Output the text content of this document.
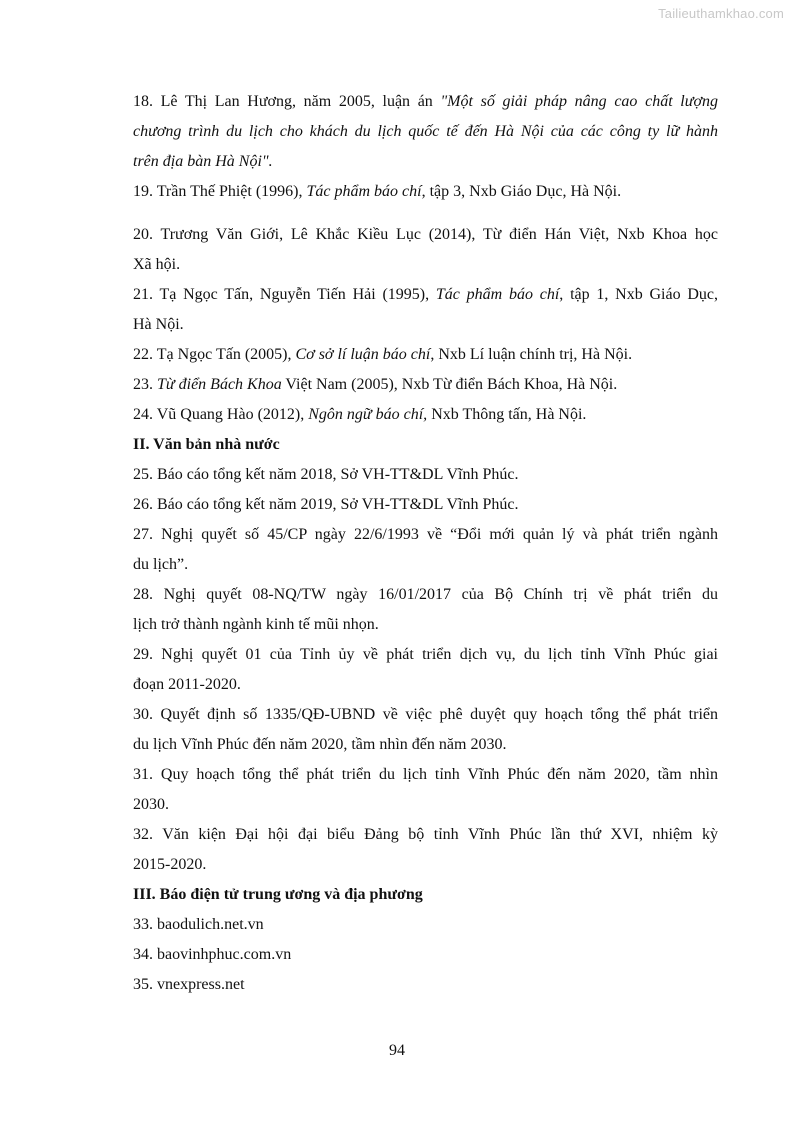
Tailieuthamkhao.com
18. Lê Thị Lan Hương, năm 2005, luận án "Một số giải pháp nâng cao chất lượng
chương trình du lịch cho khách du lịch quốc tế đến Hà Nội của các công ty lữ hành
trên địa bàn Hà Nội".
19. Trần Thế Phiệt (1996), Tác phẩm báo chí, tập 3, Nxb Giáo Dục, Hà Nội.
20. Trương Văn Giới, Lê Khắc Kiều Lục (2014), Từ điển Hán Việt, Nxb Khoa học
Xã hội.
21. Tạ Ngọc Tấn, Nguyễn Tiến Hải (1995), Tác phẩm báo chí, tập 1, Nxb Giáo Dục,
Hà Nội.
22. Tạ Ngọc Tấn (2005), Cơ sở lí luận báo chí, Nxb Lí luận chính trị, Hà Nội.
23. Từ điển Bách Khoa Việt Nam (2005), Nxb Từ điển Bách Khoa, Hà Nội.
24. Vũ Quang Hào (2012), Ngôn ngữ báo chí, Nxb Thông tấn, Hà Nội.
II. Văn bản nhà nước
25. Báo cáo tổng kết năm 2018, Sở VH-TT&DL Vĩnh Phúc.
26. Báo cáo tổng kết năm 2019, Sở VH-TT&DL Vĩnh Phúc.
27. Nghị quyết số 45/CP ngày 22/6/1993 về “Đổi mới quản lý và phát triển ngành
du lịch”.
28. Nghị quyết 08-NQ/TW ngày 16/01/2017 của Bộ Chính trị về phát triển du
lịch trở thành ngành kinh tế mũi nhọn.
29. Nghị quyết 01 của Tỉnh ủy về phát triển dịch vụ, du lịch tỉnh Vĩnh Phúc giai
đoạn 2011-2020.
30. Quyết định số 1335/QĐ-UBND về việc phê duyệt quy hoạch tổng thể phát triển
du lịch Vĩnh Phúc đến năm 2020, tầm nhìn đến năm 2030.
31. Quy hoạch tổng thể phát triển du lịch tỉnh Vĩnh Phúc đến năm 2020, tầm nhìn
2030.
32. Văn kiện Đại hội đại biểu Đảng bộ tỉnh Vĩnh Phúc lần thứ XVI, nhiệm kỳ
2015-2020.
III. Báo điện tử trung ương và địa phương
33. baodulich.net.vn
34. baovinhphuc.com.vn
35. vnexpress.net
94
